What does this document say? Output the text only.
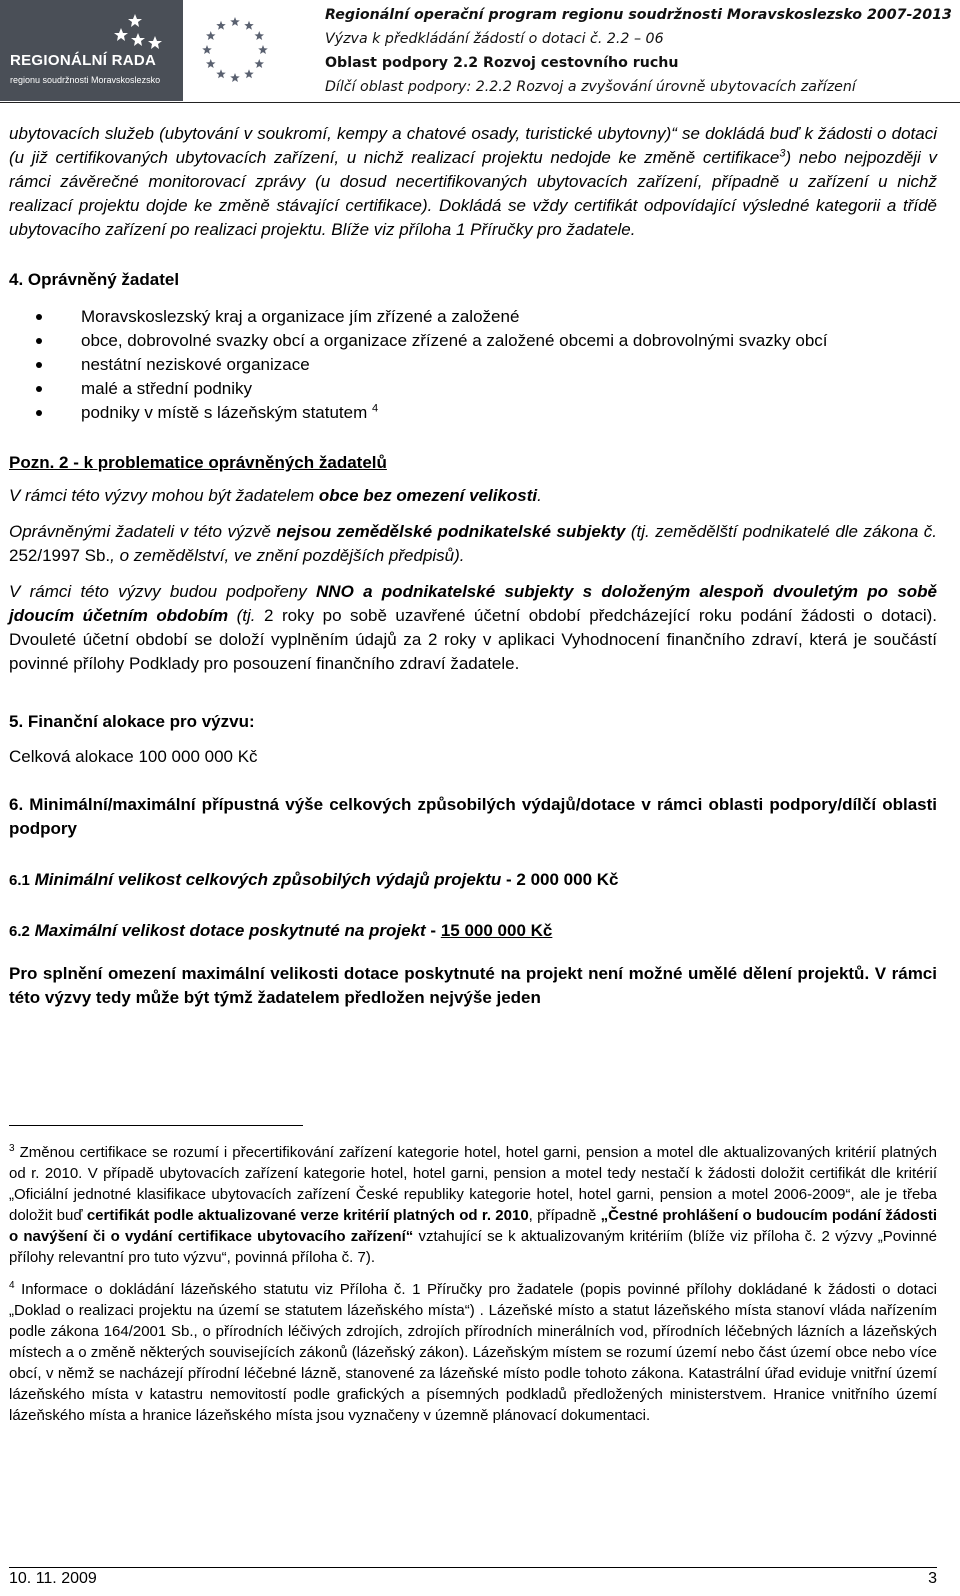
REGIONÁLNÍ RADA
regionu soudržnosti Moravskoslezsko
Regionální operační program regionu soudržnosti Moravskoslezsko 2007-2013
Výzva k předkládání žádostí o dotaci č. 2.2 – 06
Oblast podpory 2.2 Rozvoj cestovního ruchu
Dílčí oblast podpory: 2.2.2 Rozvoj a zvyšování úrovně ubytovacích zařízení

ubytovacích služeb (ubytování v soukromí, kempy a chatové osady, turistické ubytovny)“ se dokládá buď k žádosti o dotaci (u již certifikovaných ubytovacích zařízení, u nichž realizací projektu nedojde ke změně certifikace$^3$) nebo nejpozději v rámci závěrečné monitorovací zprávy (u dosud necertifikovaných ubytovacích zařízení, případně u zařízení u nichž realizací projektu dojde ke změně stávající certifikace). Dokládá se vždy certifikát odpovídající výsledné kategorii a třídě ubytovacího zařízení po realizaci projektu. Blíže viz příloha 1 Příručky pro žadatele.

4. Oprávněný žadatel
Moravskoslezský kraj a organizace jím zřízené a založené
obce, dobrovolné svazky obcí a organizace zřízené a založené obcemi a dobrovolnými svazky obcí
nestátní neziskové organizace
malé a střední podniky
podniky v místě s lázeňským statutem $^4$
Pozn. 2 - k problematice oprávněných žadatelů

V rámci této výzvy mohou být žadatelem obce bez omezení velikosti.

Oprávněnými žadateli v této výzvě nejsou zemědělské podnikatelské subjekty (tj. zemědělští podnikatelé dle zákona č. 252/1997 Sb., o zemědělství, ve znění pozdějších předpisů).

V rámci této výzvy budou podpořeny NNO a podnikatelské subjekty s doloženým alespoň dvouletým po sobě jdoucím účetním obdobím (tj. 2 roky po sobě uzavřené účetní období předcházející roku podání žádosti o dotaci). Dvouleté účetní období se doloží vyplněním údajů za 2 roky v aplikaci Vyhodnocení finančního zdraví, která je součástí povinné přílohy Podklady pro posouzení finančního zdraví žadatele.

5. Finanční alokace pro výzvu:

Celková alokace 100 000 000 Kč

6. Minimální/maximální přípustná výše celkových způsobilých výdajů/dotace v rámci oblasti podpory/dílčí oblasti podpory

6.1 Minimální velikost celkových způsobilých výdajů projektu - 2 000 000 Kč

6.2 Maximální velikost dotace poskytnuté na projekt - 15 000 000 Kč

Pro splnění omezení maximální velikosti dotace poskytnuté na projekt není možné umělé dělení projektů. V rámci této výzvy tedy může být týmž žadatelem předložen nejvýše jeden

$^3$ Změnou certifikace se rozumí i přecertifikování zařízení kategorie hotel, hotel garni, pension a motel dle aktualizovaných kritérií platných od r. 2010. V případě ubytovacích zařízení kategorie hotel, hotel garni, pension a motel tedy nestačí k žádosti doložit certifikát dle kritérií „Oficiální jednotné klasifikace ubytovacích zařízení České republiky kategorie hotel, hotel garni, pension a motel 2006-2009“, ale je třeba doložit buď certifikát podle aktualizované verze kritérií platných od r. 2010, případně „Čestné prohlášení o budoucím podání žádosti o navýšení či o vydání certifikace ubytovacího zařízení“ vztahující se k aktualizovaným kritériím (blíže viz příloha č. 2 výzvy „Povinné přílohy relevantní pro tuto výzvu“, povinná příloha č. 7).

$^4$ Informace o dokládání lázeňského statutu viz Příloha č. 1 Příručky pro žadatele (popis povinné přílohy dokládané k žádosti o dotaci „Doklad o realizaci projektu na území se statutem lázeňského místa“) . Lázeňské místo a statut lázeňského místa stanoví vláda nařízením podle zákona 164/2001 Sb., o přírodních léčivých zdrojích, zdrojích přírodních minerálních vod, přírodních léčebných lázních a lázeňských místech a o změně některých souvisejících zákonů (lázeňský zákon). Lázeňským místem se rozumí území nebo část území obce nebo více obcí, v němž se nacházejí přírodní léčebné lázně, stanovené za lázeňské místo podle tohoto zákona. Katastrální úřad eviduje vnitřní území lázeňského místa v katastru nemovitostí podle grafických a písemných podkladů předložených ministerstvem. Hranice vnitřního území lázeňského místa a hranice lázeňského místa jsou vyznačeny v územně plánovací dokumentaci.

10. 11. 2009	3
